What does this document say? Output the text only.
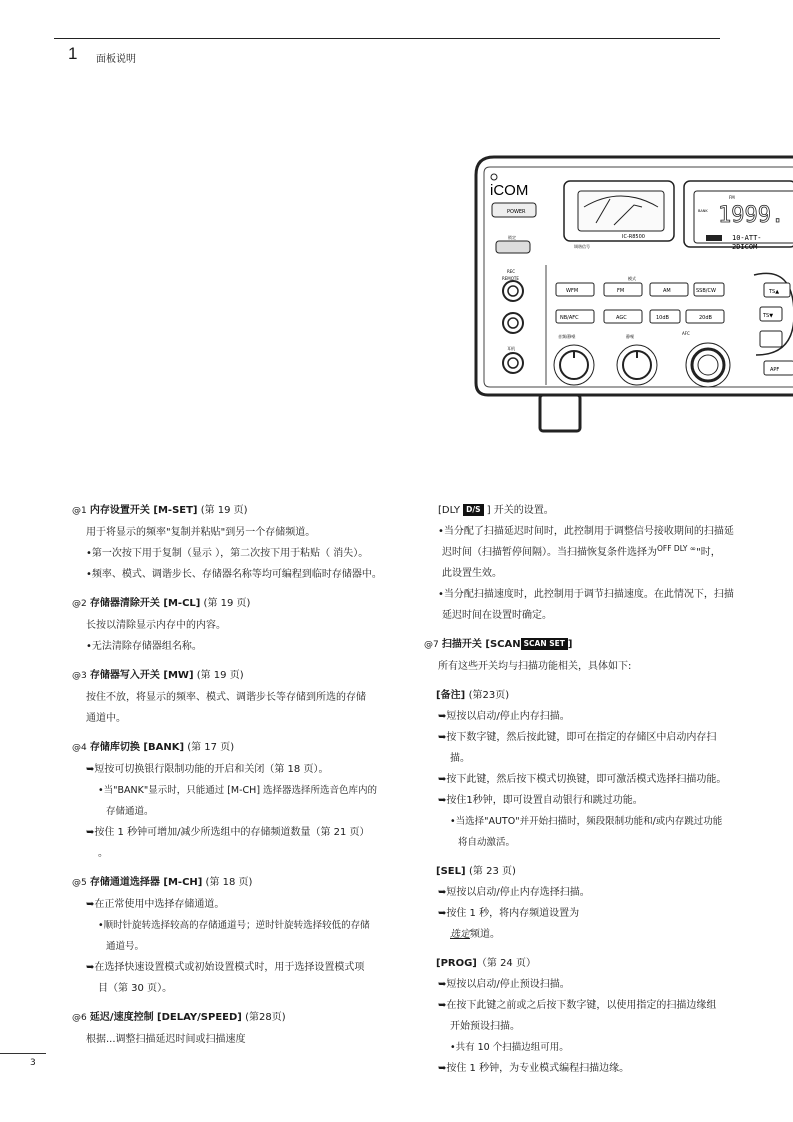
1 面板说明
iCOM
POWER
锁定
REC
REMOTE
耳机
IC-R8500
调谐信号
FM
BANK 1999.
10-ATT-
2DICOM
模式
WFM	FM	AM	SSB/CW
NB/AFC	AGC	10dB	20dB
音频/静噪	静噪
AFC
TS▲
TS▼
APF
@1 内存设置开关 [M-SET] (第 19 页)
用于将显示的频率"复制并粘贴"到另一个存储频道。
•第一次按下用于复制（显示 ），第二次按下用于粘贴（ 消失）。
•频率、模式、调谐步长、存储器名称等均可编程到临时存储器中。
@2 存储器清除开关 [M-CL] (第 19 页)
长按以清除显示内存中的内容。
•无法清除存储器组名称。
@3 存储器写入开关 [MW] (第 19 页)
按住不放，将显示的频率、模式、调谐步长等存储到所选的存储
通道中。
@4 存储库切换 [BANK] (第 17 页)
➥短按可切换银行限制功能的开启和关闭（第 18 页）。
•当"BANK"显示时，只能通过 [M-CH] 选择器选择所选音色库内的
存储通道。
➥按住 1 秒钟可增加/减少所选组中的存储频道数量（第 21 页）
。
@5 存储通道选择器 [M-CH] (第 18 页)
➥在正常使用中选择存储通道。
•顺时针旋转选择较高的存储通道号；逆时针旋转选择较低的存储
通道号。
➥在选择快速设置模式或初始设置模式时，用于选择设置模式项
目（第 30 页）。
@6 延迟/速度控制 [DELAY/SPEED] (第28页)
根据...调整扫描延迟时间或扫描速度
[DLY D/S ] 开关的设置。
•当分配了扫描延迟时间时，此控制用于调整信号接收期间的扫描延
迟时间（扫描暂停间隔）。当扫描恢复条件选择为OFF DLY ∞"时，
此设置生效。
•当分配扫描速度时，此控制用于调节扫描速度。在此情况下，扫描
延迟时间在设置时确定。
@7 扫描开关 [SCAN SCAN SET ]
所有这些开关均与扫描功能相关，具体如下:
[备注] (第23页)
➥短按以启动/停止内存扫描。
➥按下数字键，然后按此键，即可在指定的存储区中启动内存扫
描。
➥按下此键，然后按下模式切换键，即可激活模式选择扫描功能。
➥按住1秒钟，即可设置自动银行和跳过功能。
•当选择"AUTO"并开始扫描时，频段限制功能和/或内存跳过功能
将自动激活。
[SEL] (第 23 页)
➥短按以启动/停止内存选择扫描。
➥按住 1 秒，将内存频道设置为
选定频道。
[PROG]（第 24 页）
➥短按以启动/停止预设扫描。
➥在按下此键之前或之后按下数字键，以使用指定的扫描边缘组
开始预设扫描。
•共有 10 个扫描边组可用。
➥按住 1 秒钟，为专业模式编程扫描边缘。
3
